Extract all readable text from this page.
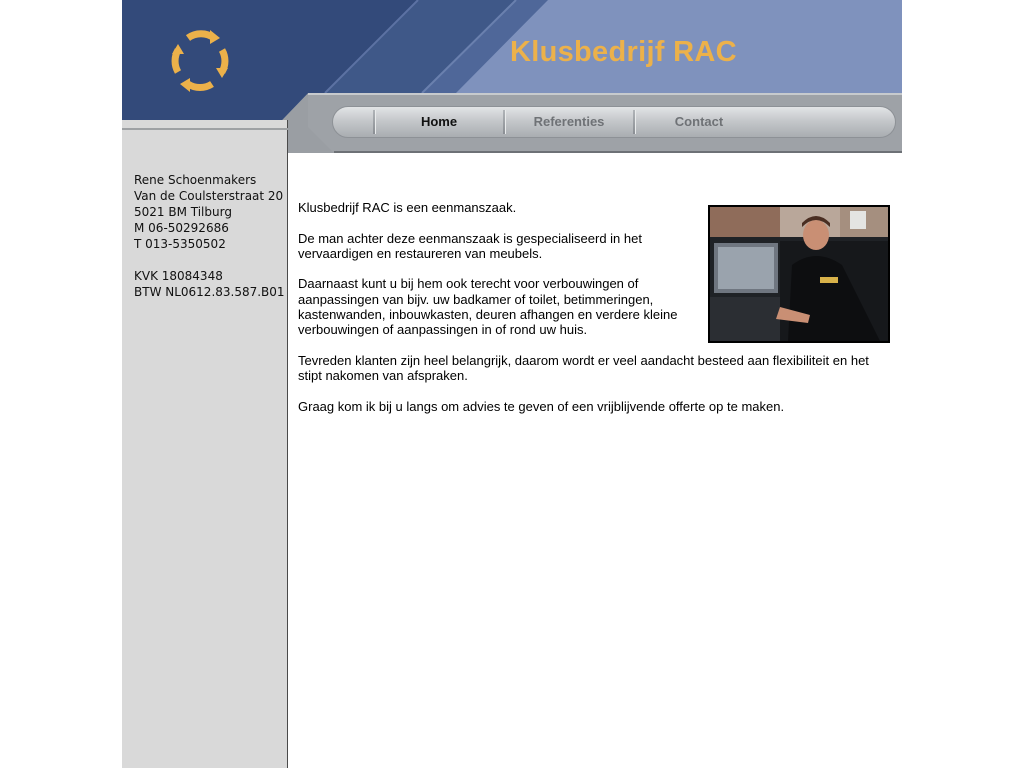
Klusbedrijf RAC
Home	Referenties	Contact
Rene Schoenmakers
Van de Coulsterstraat 20
5021 BM Tilburg
M 06-50292686
T 013-5350502
KVK 18084348
BTW NL0612.83.587.B01

Klusbedrijf RAC is een eenmanszaak.

De man achter deze eenmanszaak is gespecialiseerd in het vervaardigen en restaureren van meubels.

Daarnaast kunt u bij hem ook terecht voor verbouwingen of aanpassingen van bijv. uw badkamer of toilet, betimmeringen, kastenwanden, inbouwkasten, deuren afhangen en verdere kleine verbouwingen of aanpassingen in of rond uw huis.

Tevreden klanten zijn heel belangrijk, daarom wordt er veel aandacht besteed aan flexibiliteit en het stipt nakomen van afspraken.

Graag kom ik bij u langs om advies te geven of een vrijblijvende offerte op te maken.
